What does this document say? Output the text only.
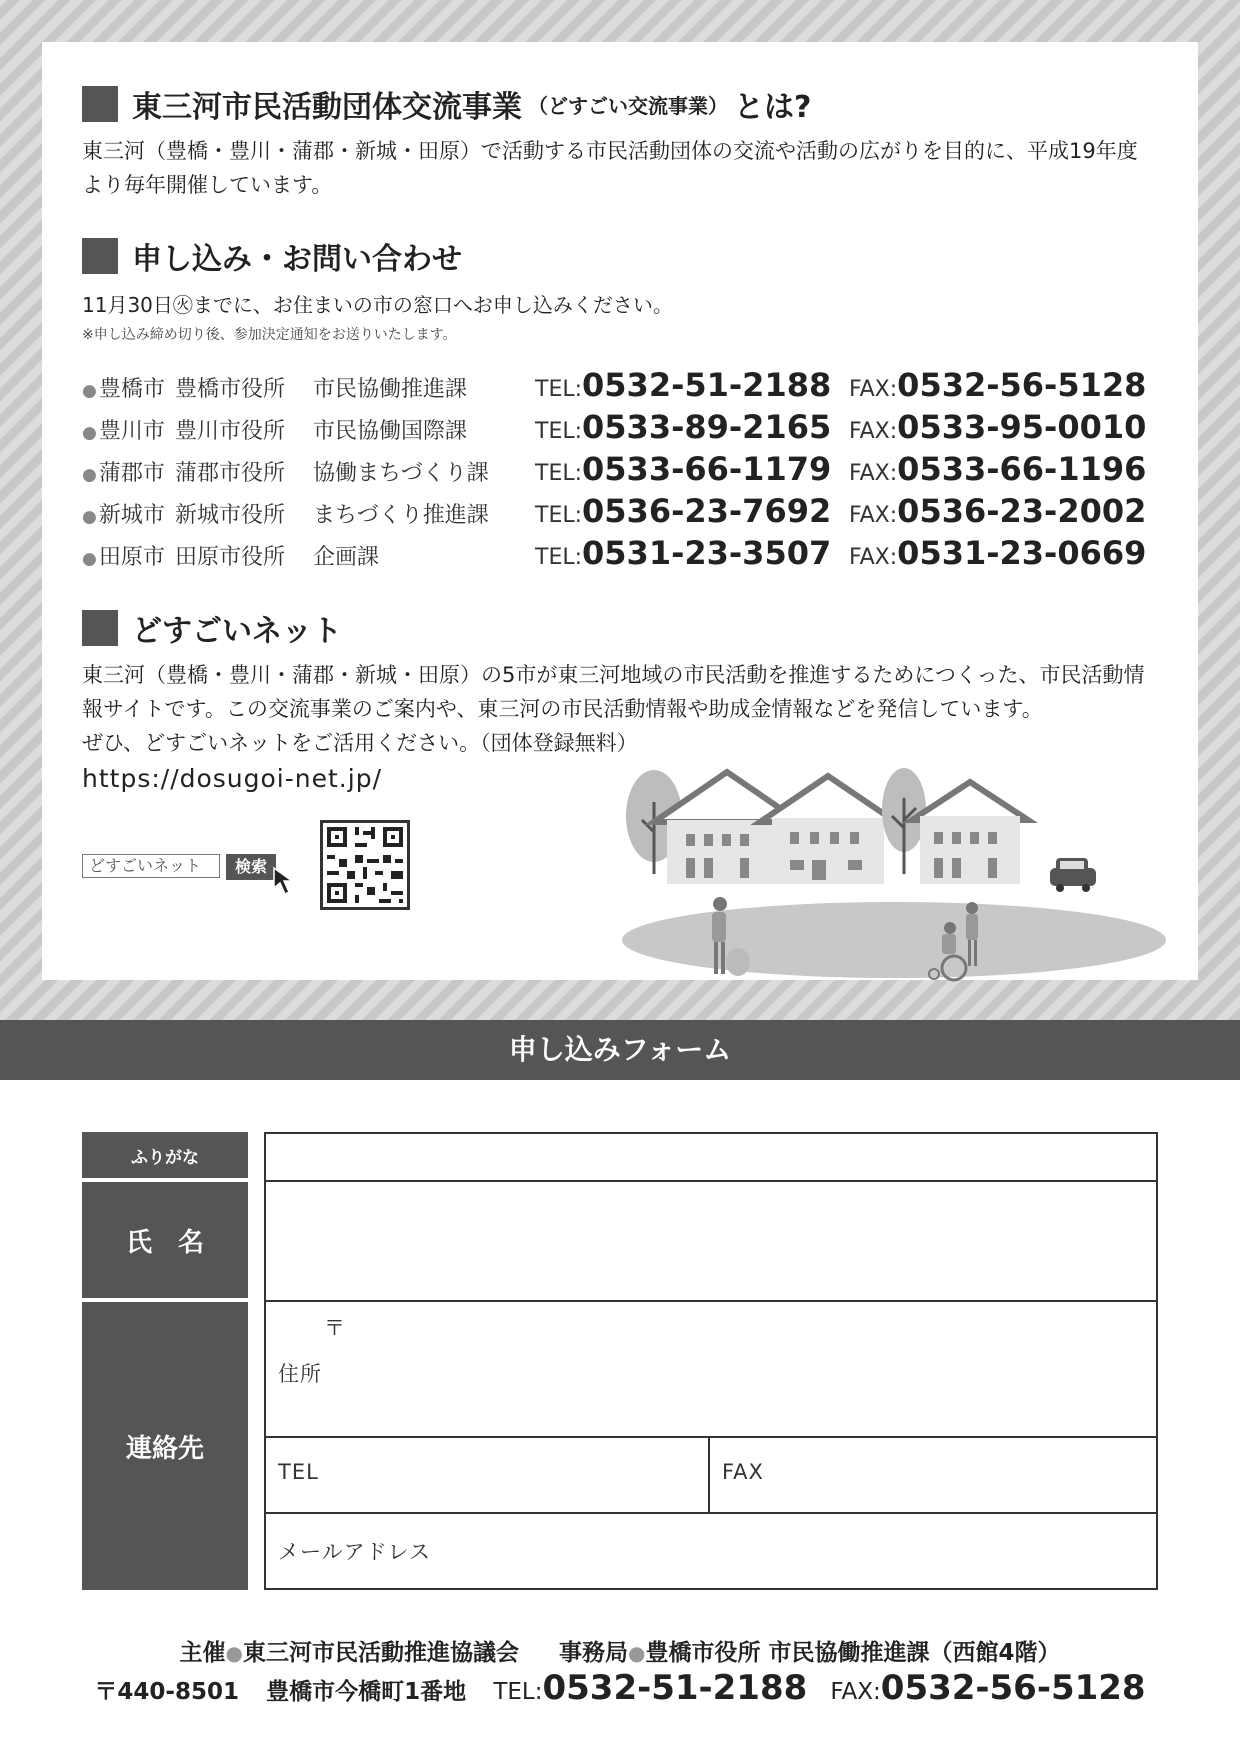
東三河市民活動団体交流事業 （どすごい交流事業） とは?
東三河（豊橋・豊川・蒲郡・新城・田原）で活動する市民活動団体の交流や活動の広がりを目的に、平成19年度
より毎年開催しています。
申し込み・お問い合わせ
11月30日㊋までに、お住まいの市の窓口へお申し込みください。
※申し込み締め切り後、参加決定通知をお送りいたします。
● 豊橋市 豊橋市役所	市民協働推進課	TEL:0532-51-2188 FAX:0532-56-5128
● 豊川市 豊川市役所	市民協働国際課	TEL:0533-89-2165 FAX:0533-95-0010
● 蒲郡市 蒲郡市役所	協働まちづくり課	TEL:0533-66-1179 FAX:0533-66-1196
● 新城市 新城市役所	まちづくり推進課	TEL:0536-23-7692 FAX:0536-23-2002
● 田原市 田原市役所	企画課	TEL:0531-23-3507 FAX:0531-23-0669
どすごいネット
東三河（豊橋・豊川・蒲郡・新城・田原）の5市が東三河地域の市民活動を推進するためにつくった、市民活動情
報サイトです。この交流事業のご案内や、東三河の市民活動情報や助成金情報などを発信しています。
ぜひ、どすごいネットをご活用ください。（団体登録無料）
https://dosugoi-net.jp/
どすごいネット	検索
申し込みフォーム
ふりがな
氏　名
連絡先
〒
住所
TEL	FAX
メールアドレス
主催●東三河市民活動推進協議会 事務局●豊橋市役所 市民協働推進課（西館4階）
〒440-8501 豊橋市今橋町1番地 TEL:0532-51-2188 FAX:0532-56-5128
